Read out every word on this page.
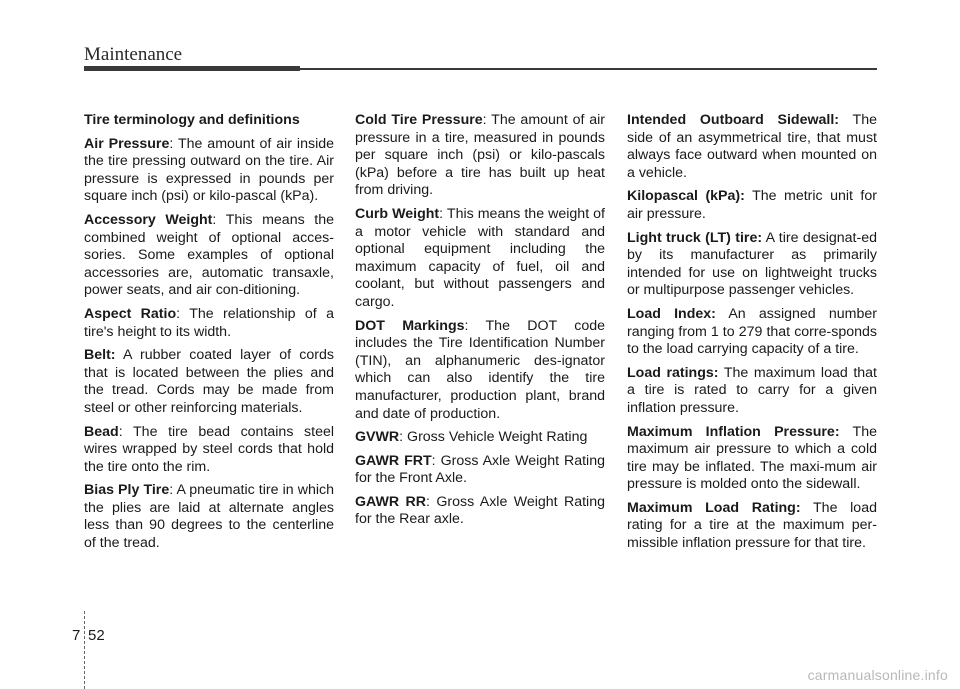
Maintenance
Tire terminology and definitions

Air Pressure: The amount of air inside the tire pressing outward on the tire. Air pressure is expressed in pounds per square inch (psi) or kilo-pascal (kPa).

Accessory Weight: This means the combined weight of optional acces-sories. Some examples of optional accessories are, automatic transaxle, power seats, and air con-ditioning.

Aspect Ratio: The relationship of a tire's height to its width.

Belt: A rubber coated layer of cords that is located between the plies and the tread. Cords may be made from steel or other reinforcing materials.

Bead: The tire bead contains steel wires wrapped by steel cords that hold the tire onto the rim.

Bias Ply Tire: A pneumatic tire in which the plies are laid at alternate angles less than 90 degrees to the centerline of the tread.

Cold Tire Pressure: The amount of air pressure in a tire, measured in pounds per square inch (psi) or kilo-pascals (kPa) before a tire has built up heat from driving.

Curb Weight: This means the weight of a motor vehicle with standard and optional equipment including the maximum capacity of fuel, oil and coolant, but without passengers and cargo.

DOT Markings: The DOT code includes the Tire Identification Number (TIN), an alphanumeric des-ignator which can also identify the tire manufacturer, production plant, brand and date of production.

GVWR: Gross Vehicle Weight Rating

GAWR FRT: Gross Axle Weight Rating for the Front Axle.

GAWR RR: Gross Axle Weight Rating for the Rear axle.

Intended Outboard Sidewall: The side of an asymmetrical tire, that must always face outward when mounted on a vehicle.

Kilopascal (kPa): The metric unit for air pressure.

Light truck (LT) tire: A tire designat-ed by its manufacturer as primarily intended for use on lightweight trucks or multipurpose passenger vehicles.

Load Index: An assigned number ranging from 1 to 279 that corre-sponds to the load carrying capacity of a tire.

Load ratings: The maximum load that a tire is rated to carry for a given inflation pressure.

Maximum Inflation Pressure: The maximum air pressure to which a cold tire may be inflated. The maxi-mum air pressure is molded onto the sidewall.

Maximum Load Rating: The load rating for a tire at the maximum per-missible inflation pressure for that tire.

7 52
carmanualsonline.info
